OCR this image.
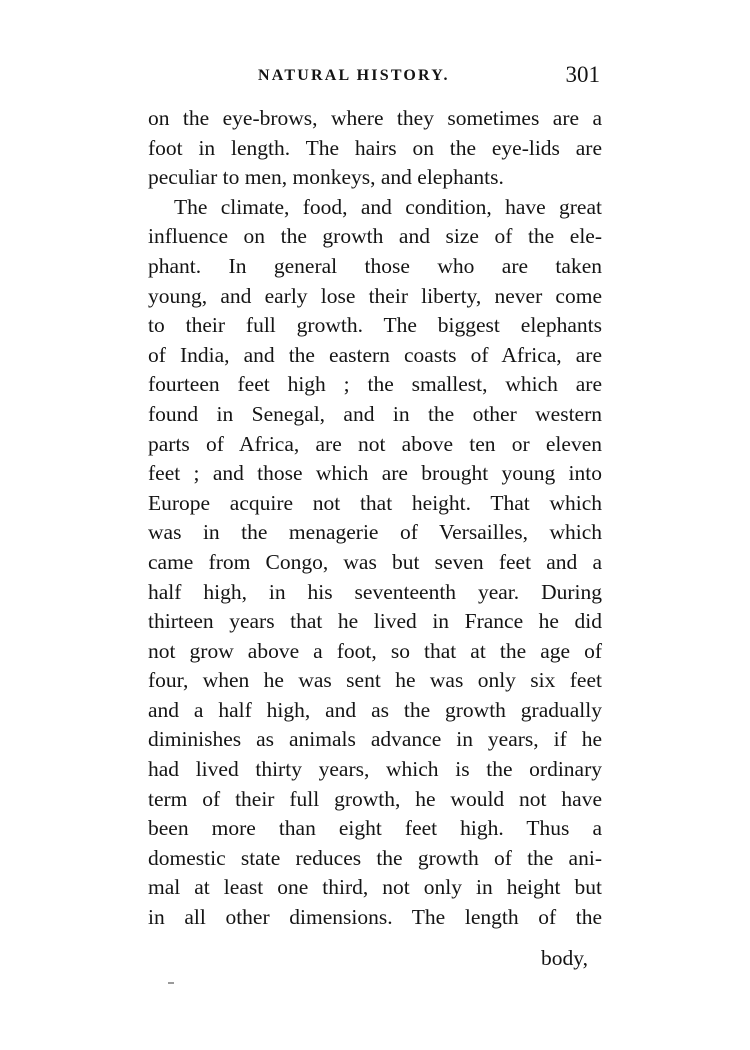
NATURAL HISTORY.	301
on the eye-brows, where they sometimes are a
foot in length. The hairs on the eye-lids are
peculiar to men, monkeys, and elephants.
The climate, food, and condition, have great
influence on the growth and size of the ele-
phant. In general those who are taken
young, and early lose their liberty, never come
to their full growth. The biggest elephants
of India, and the eastern coasts of Africa, are
fourteen feet high ; the smallest, which are
found in Senegal, and in the other western
parts of Africa, are not above ten or eleven
feet ; and those which are brought young into
Europe acquire not that height. That which
was in the menagerie of Versailles, which
came from Congo, was but seven feet and a
half high, in his seventeenth year. During
thirteen years that he lived in France he did
not grow above a foot, so that at the age of
four, when he was sent he was only six feet
and a half high, and as the growth gradually
diminishes as animals advance in years, if he
had lived thirty years, which is the ordinary
term of their full growth, he would not have
been more than eight feet high. Thus a
domestic state reduces the growth of the ani-
mal at least one third, not only in height but
in all other dimensions. The length of the
body,
